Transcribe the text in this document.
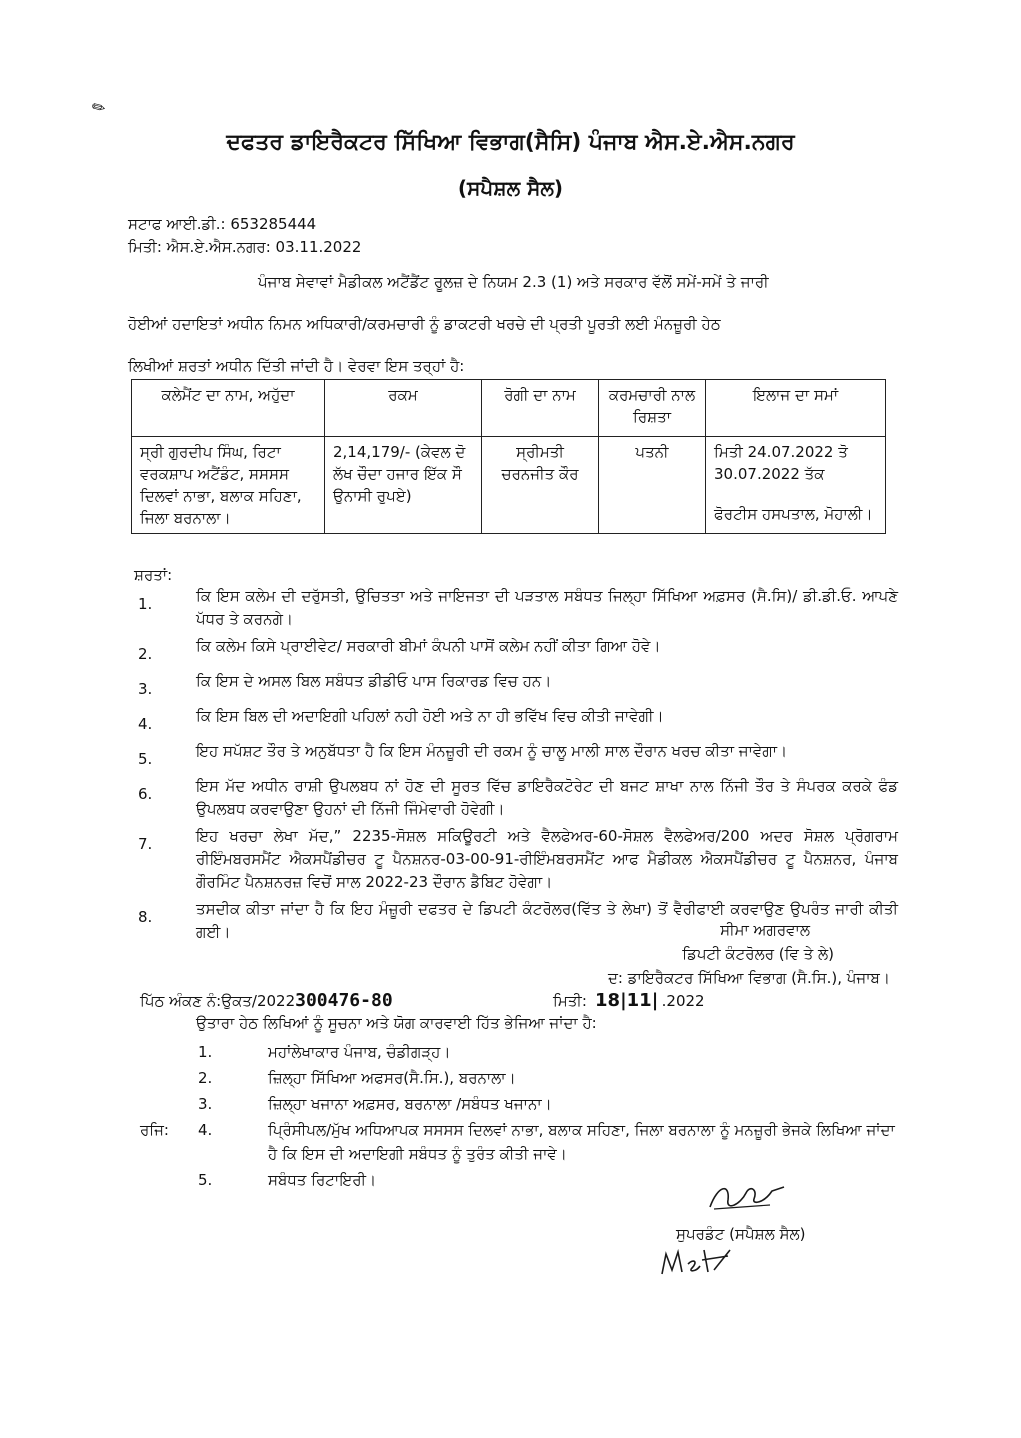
✎
ਦਫਤਰ ਡਾਇਰੈਕਟਰ ਸਿੱਖਿਆ ਵਿਭਾਗ(ਸੈਸਿ) ਪੰਜਾਬ ਐਸ.ਏ.ਐਸ.ਨਗਰ
(ਸਪੈਸ਼ਲ ਸੈਲ)
ਸਟਾਫ ਆਈ.ਡੀ.: 653285444
ਮਿਤੀ: ਐਸ.ਏ.ਐਸ.ਨਗਰ: 03.11.2022
ਪੰਜਾਬ ਸੇਵਾਵਾਂ ਮੈਡੀਕਲ ਅਟੈਂਡੈਂਟ ਰੂਲਜ਼ ਦੇ ਨਿਯਮ 2.3 (1) ਅਤੇ ਸਰਕਾਰ ਵੱਲੋਂ ਸਮੇਂ-ਸਮੇਂ ਤੇ ਜਾਰੀ
ਹੋਈਆਂ ਹਦਾਇਤਾਂ ਅਧੀਨ ਨਿਮਨ ਅਧਿਕਾਰੀ/ਕਰਮਚਾਰੀ ਨੂੰ ਡਾਕਟਰੀ ਖਰਚੇ ਦੀ ਪ੍ਰਤੀ ਪੂਰਤੀ ਲਈ ਮੰਨਜ਼ੂਰੀ ਹੇਠ
ਲਿਖੀਆਂ ਸ਼ਰਤਾਂ ਅਧੀਨ ਦਿੱਤੀ ਜਾਂਦੀ ਹੈ। ਵੇਰਵਾ ਇਸ ਤਰ੍ਹਾਂ ਹੈ:
ਕਲੇਮੈਂਟ ਦਾ ਨਾਮ, ਅਹੁੱਦਾ	ਰਕਮ	ਰੋਗੀ ਦਾ ਨਾਮ	ਕਰਮਚਾਰੀ ਨਾਲ ਰਿਸ਼ਤਾ	ਇਲਾਜ ਦਾ ਸਮਾਂ
ਸ੍ਰੀ ਗੁਰਦੀਪ ਸਿੰਘ, ਰਿਟਾ ਵਰਕਸ਼ਾਪ ਅਟੈਂਡੰਟ, ਸਸਸਸ ਦਿਲਵਾਂ ਨਾਭਾ, ਬਲਾਕ ਸਹਿਣਾ, ਜਿਲਾ ਬਰਨਾਲਾ।	2,14,179/- (ਕੇਵਲ ਦੋ ਲੱਖ ਚੌਦਾ ਹਜਾਰ ਇੱਕ ਸੌ ਉਨਾਸੀ ਰੁਪਏ)	ਸ੍ਰੀਮਤੀ ਚਰਨਜੀਤ ਕੌਰ	ਪਤਨੀ	ਮਿਤੀ 24.07.2022 ਤੋ 30.07.2022 ਤੱਕ
ਫੋਰਟੀਸ ਹਸਪਤਾਲ, ਮੋਹਾਲੀ।
ਸ਼ਰਤਾਂ:
1.	ਕਿ ਇਸ ਕਲੇਮ ਦੀ ਦਰੁੱਸਤੀ, ਉਚਿਤਤਾ ਅਤੇ ਜਾਇਜਤਾ ਦੀ ਪੜਤਾਲ ਸਬੰਧਤ ਜਿਲ੍ਹਾ ਸਿੱਖਿਆ ਅਫ਼ਸਰ (ਸੈ.ਸਿ)/ ਡੀ.ਡੀ.ਓ. ਆਪਣੇ ਪੱਧਰ ਤੇ ਕਰਨਗੇ।
2.	ਕਿ ਕਲੇਮ ਕਿਸੇ ਪ੍ਰਾਈਵੇਟ/ ਸਰਕਾਰੀ ਬੀਮਾਂ ਕੰਪਨੀ ਪਾਸੋਂ ਕਲੇਮ ਨਹੀਂ ਕੀਤਾ ਗਿਆ ਹੋਵੇ।
3.	ਕਿ ਇਸ ਦੇ ਅਸਲ ਬਿਲ ਸਬੰਧਤ ਡੀਡੀਓ ਪਾਸ ਰਿਕਾਰਡ ਵਿਚ ਹਨ।
4.	ਕਿ ਇਸ ਬਿਲ ਦੀ ਅਦਾਇਗੀ ਪਹਿਲਾਂ ਨਹੀ ਹੋਈ ਅਤੇ ਨਾ ਹੀ ਭਵਿੱਖ ਵਿਚ ਕੀਤੀ ਜਾਵੇਗੀ।
5.	ਇਹ ਸਪੱਸ਼ਟ ਤੌਰ ਤੇ ਅਨੁਬੱਧਤਾ ਹੈ ਕਿ ਇਸ ਮੰਨਜ਼ੂਰੀ ਦੀ ਰਕਮ ਨੂੰ ਚਾਲੂ ਮਾਲੀ ਸਾਲ ਦੌਰਾਨ ਖਰਚ ਕੀਤਾ ਜਾਵੇਗਾ।
6.	ਇਸ ਮੱਦ ਅਧੀਨ ਰਾਸ਼ੀ ਉਪਲਬਧ ਨਾਂ ਹੋਣ ਦੀ ਸੂਰਤ ਵਿੱਚ ਡਾਇਰੈਕਟੋਰੇਟ ਦੀ ਬਜਟ ਸ਼ਾਖਾ ਨਾਲ ਨਿੱਜੀ ਤੌਰ ਤੇ ਸੰਪਰਕ ਕਰਕੇ ਫੰਡ ਉਪਲਬਧ ਕਰਵਾਉਣਾ ਉਹਨਾਂ ਦੀ ਨਿੱਜੀ ਜਿੰਮੇਵਾਰੀ ਹੋਵੇਗੀ।
7.	ਇਹ ਖਰਚਾ ਲੇਖਾ ਮੱਦ,” 2235-ਸੋਸ਼ਲ ਸਕਿਊਰਟੀ ਅਤੇ ਵੈਲਫੇਅਰ-60-ਸੋਸ਼ਲ ਵੈਲਫੇਅਰ/200 ਅਦਰ ਸੋਸ਼ਲ ਪ੍ਰੋਗਰਾਮ ਰੀਇੰਮਬਰਸਮੈਂਟ ਐਕਸਪੈਂਡੀਚਰ ਟੂ ਪੈਨਸ਼ਨਰ-03-00-91-ਰੀਇੰਮਬਰਸਮੈਂਟ ਆਫ ਮੈਡੀਕਲ ਐਕਸਪੈਂਡੀਚਰ ਟੂ ਪੈਨਸ਼ਨਰ, ਪੰਜਾਬ ਗੌਰਮਿੰਟ ਪੈਨਸ਼ਨਰਜ਼ ਵਿਚੋਂ ਸਾਲ 2022-23 ਦੌਰਾਨ ਡੈਬਿਟ ਹੋਵੇਗਾ।
8.	ਤਸਦੀਕ ਕੀਤਾ ਜਾਂਦਾ ਹੈ ਕਿ ਇਹ ਮੰਜ਼ੂਰੀ ਦਫਤਰ ਦੇ ਡਿਪਟੀ ਕੰਟਰੋਲਰ(ਵਿੱਤ ਤੇ ਲੇਖਾ) ਤੋਂ ਵੈਰੀਫਾਈ ਕਰਵਾਉਣ ਉਪਰੰਤ ਜਾਰੀ ਕੀਤੀ ਗਈ।	ਸੀਮਾ ਅਗਰਵਾਲ
ਡਿਪਟੀ ਕੰਟਰੋਲਰ (ਵਿ ਤੇ ਲੇ)
ਦ: ਡਾਇਰੈਕਟਰ ਸਿੱਖਿਆ ਵਿਭਾਗ (ਸੈ.ਸਿ.), ਪੰਜਾਬ।
ਪਿੱਠ ਅੰਕਣ ਨੰ:ਉਕਤ/2022300476-80	ਮਿਤੀ: 18|11| .2022
ਉਤਾਰਾ ਹੇਠ ਲਿਖਿਆਂ ਨੂੰ ਸੂਚਨਾ ਅਤੇ ਯੋਗ ਕਾਰਵਾਈ ਹਿੱਤ ਭੇਜਿਆ ਜਾਂਦਾ ਹੈ:
1.	ਮਹਾਂਲੇਖਾਕਾਰ ਪੰਜਾਬ, ਚੰਡੀਗੜ੍ਹ।
2.	ਜ਼ਿਲ੍ਹਾ ਸਿੱਖਿਆ ਅਫਸਰ(ਸੈ.ਸਿ.), ਬਰਨਾਲਾ।
3.	ਜ਼ਿਲ੍ਹਾ ਖਜਾਨਾ ਅਫ਼ਸਰ, ਬਰਨਾਲਾ /ਸਬੰਧਤ ਖਜਾਨਾ।
ਰਜਿ:	4.	ਪ੍ਰਿੰਸੀਪਲ/ਮੁੱਖ ਅਧਿਆਪਕ ਸਸਸਸ ਦਿਲਵਾਂ ਨਾਭਾ, ਬਲਾਕ ਸਹਿਣਾ, ਜਿਲਾ ਬਰਨਾਲਾ ਨੂੰ ਮਨਜ਼ੂਰੀ ਭੇਜਕੇ ਲਿਖਿਆ ਜਾਂਦਾ ਹੈ ਕਿ ਇਸ ਦੀ ਅਦਾਇਗੀ ਸਬੰਧਤ ਨੂੰ ਤੁਰੰਤ ਕੀਤੀ ਜਾਵੇ।
5.	ਸਬੰਧਤ ਰਿਟਾਇਰੀ।
ਸੁਪਰਡੰਟ (ਸਪੈਸ਼ਲ ਸੈਲ)
